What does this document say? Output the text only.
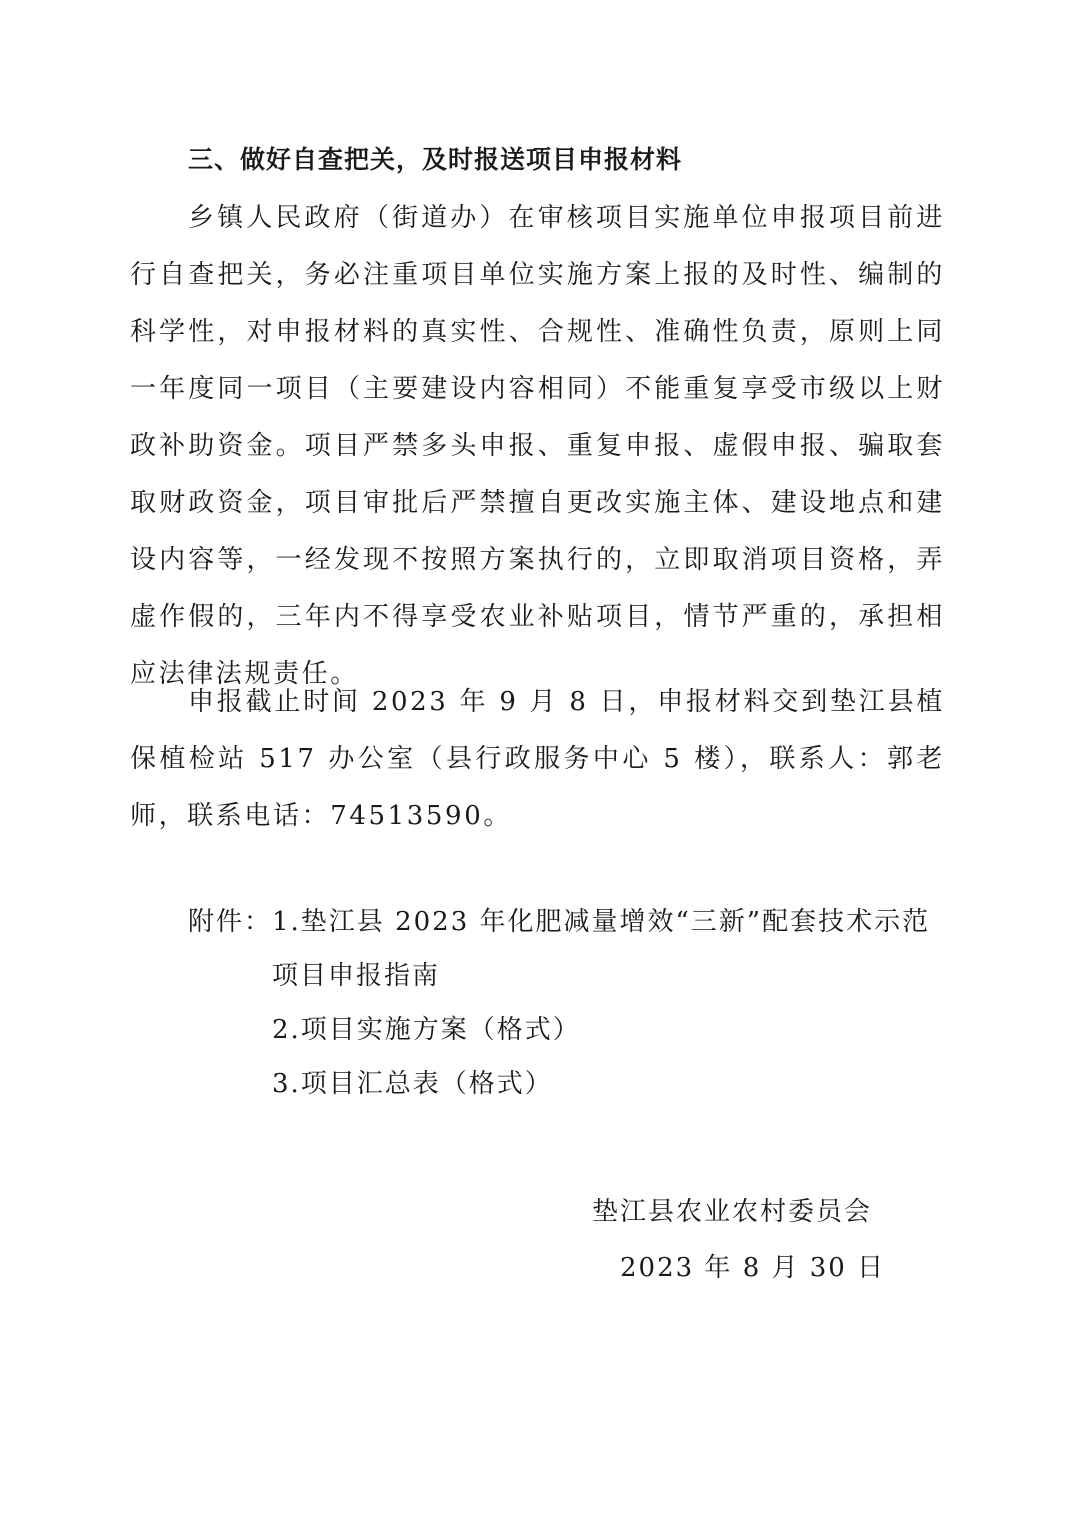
三、做好自查把关，及时报送项目申报材料
乡镇人民政府（街道办）在审核项目实施单位申报项目前进行自查把关，务必注重项目单位实施方案上报的及时性、编制的科学性，对申报材料的真实性、合规性、准确性负责，原则上同一年度同一项目（主要建设内容相同）不能重复享受市级以上财政补助资金。项目严禁多头申报、重复申报、虚假申报、骗取套取财政资金，项目审批后严禁擅自更改实施主体、建设地点和建设内容等，一经发现不按照方案执行的，立即取消项目资格，弄虚作假的，三年内不得享受农业补贴项目，情节严重的，承担相应法律法规责任。
申报截止时间 2023 年 9 月 8 日，申报材料交到垫江县植保植检站 517 办公室（县行政服务中心 5 楼），联系人：郭老师，联系电话：74513590。
附件： 1.垫江县 2023 年化肥减量增效“三新”配套技术示范
项目申报指南
2.项目实施方案（格式）
3.项目汇总表（格式）
垫江县农业农村委员会
2023 年 8 月 30 日
